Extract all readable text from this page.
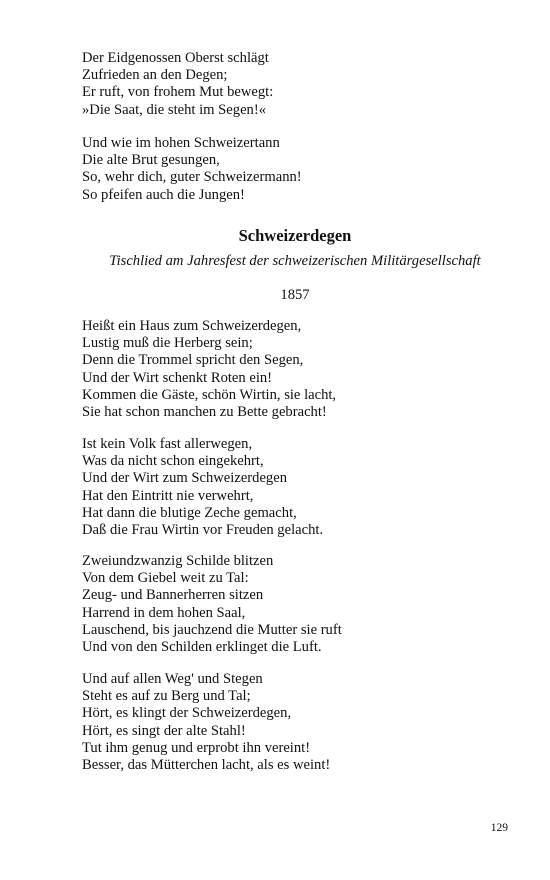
Der Eidgenossen Oberst schlägt
Zufrieden an den Degen;
Er ruft, von frohem Mut bewegt:
»Die Saat, die steht im Segen!«
Und wie im hohen Schweizertann
Die alte Brut gesungen,
So, wehr dich, guter Schweizermann!
So pfeifen auch die Jungen!
Schweizerdegen
Tischlied am Jahresfest der schweizerischen Militärgesellschaft
1857
Heißt ein Haus zum Schweizerdegen,
Lustig muß die Herberg sein;
Denn die Trommel spricht den Segen,
Und der Wirt schenkt Roten ein!
Kommen die Gäste, schön Wirtin, sie lacht,
Sie hat schon manchen zu Bette gebracht!
Ist kein Volk fast allerwegen,
Was da nicht schon eingekehrt,
Und der Wirt zum Schweizerdegen
Hat den Eintritt nie verwehrt,
Hat dann die blutige Zeche gemacht,
Daß die Frau Wirtin vor Freuden gelacht.
Zweiundzwanzig Schilde blitzen
Von dem Giebel weit zu Tal:
Zeug- und Bannerherren sitzen
Harrend in dem hohen Saal,
Lauschend, bis jauchzend die Mutter sie ruft
Und von den Schilden erklinget die Luft.
Und auf allen Weg' und Stegen
Steht es auf zu Berg und Tal;
Hört, es klingt der Schweizerdegen,
Hört, es singt der alte Stahl!
Tut ihm genug und erprobt ihn vereint!
Besser, das Mütterchen lacht, als es weint!
129
